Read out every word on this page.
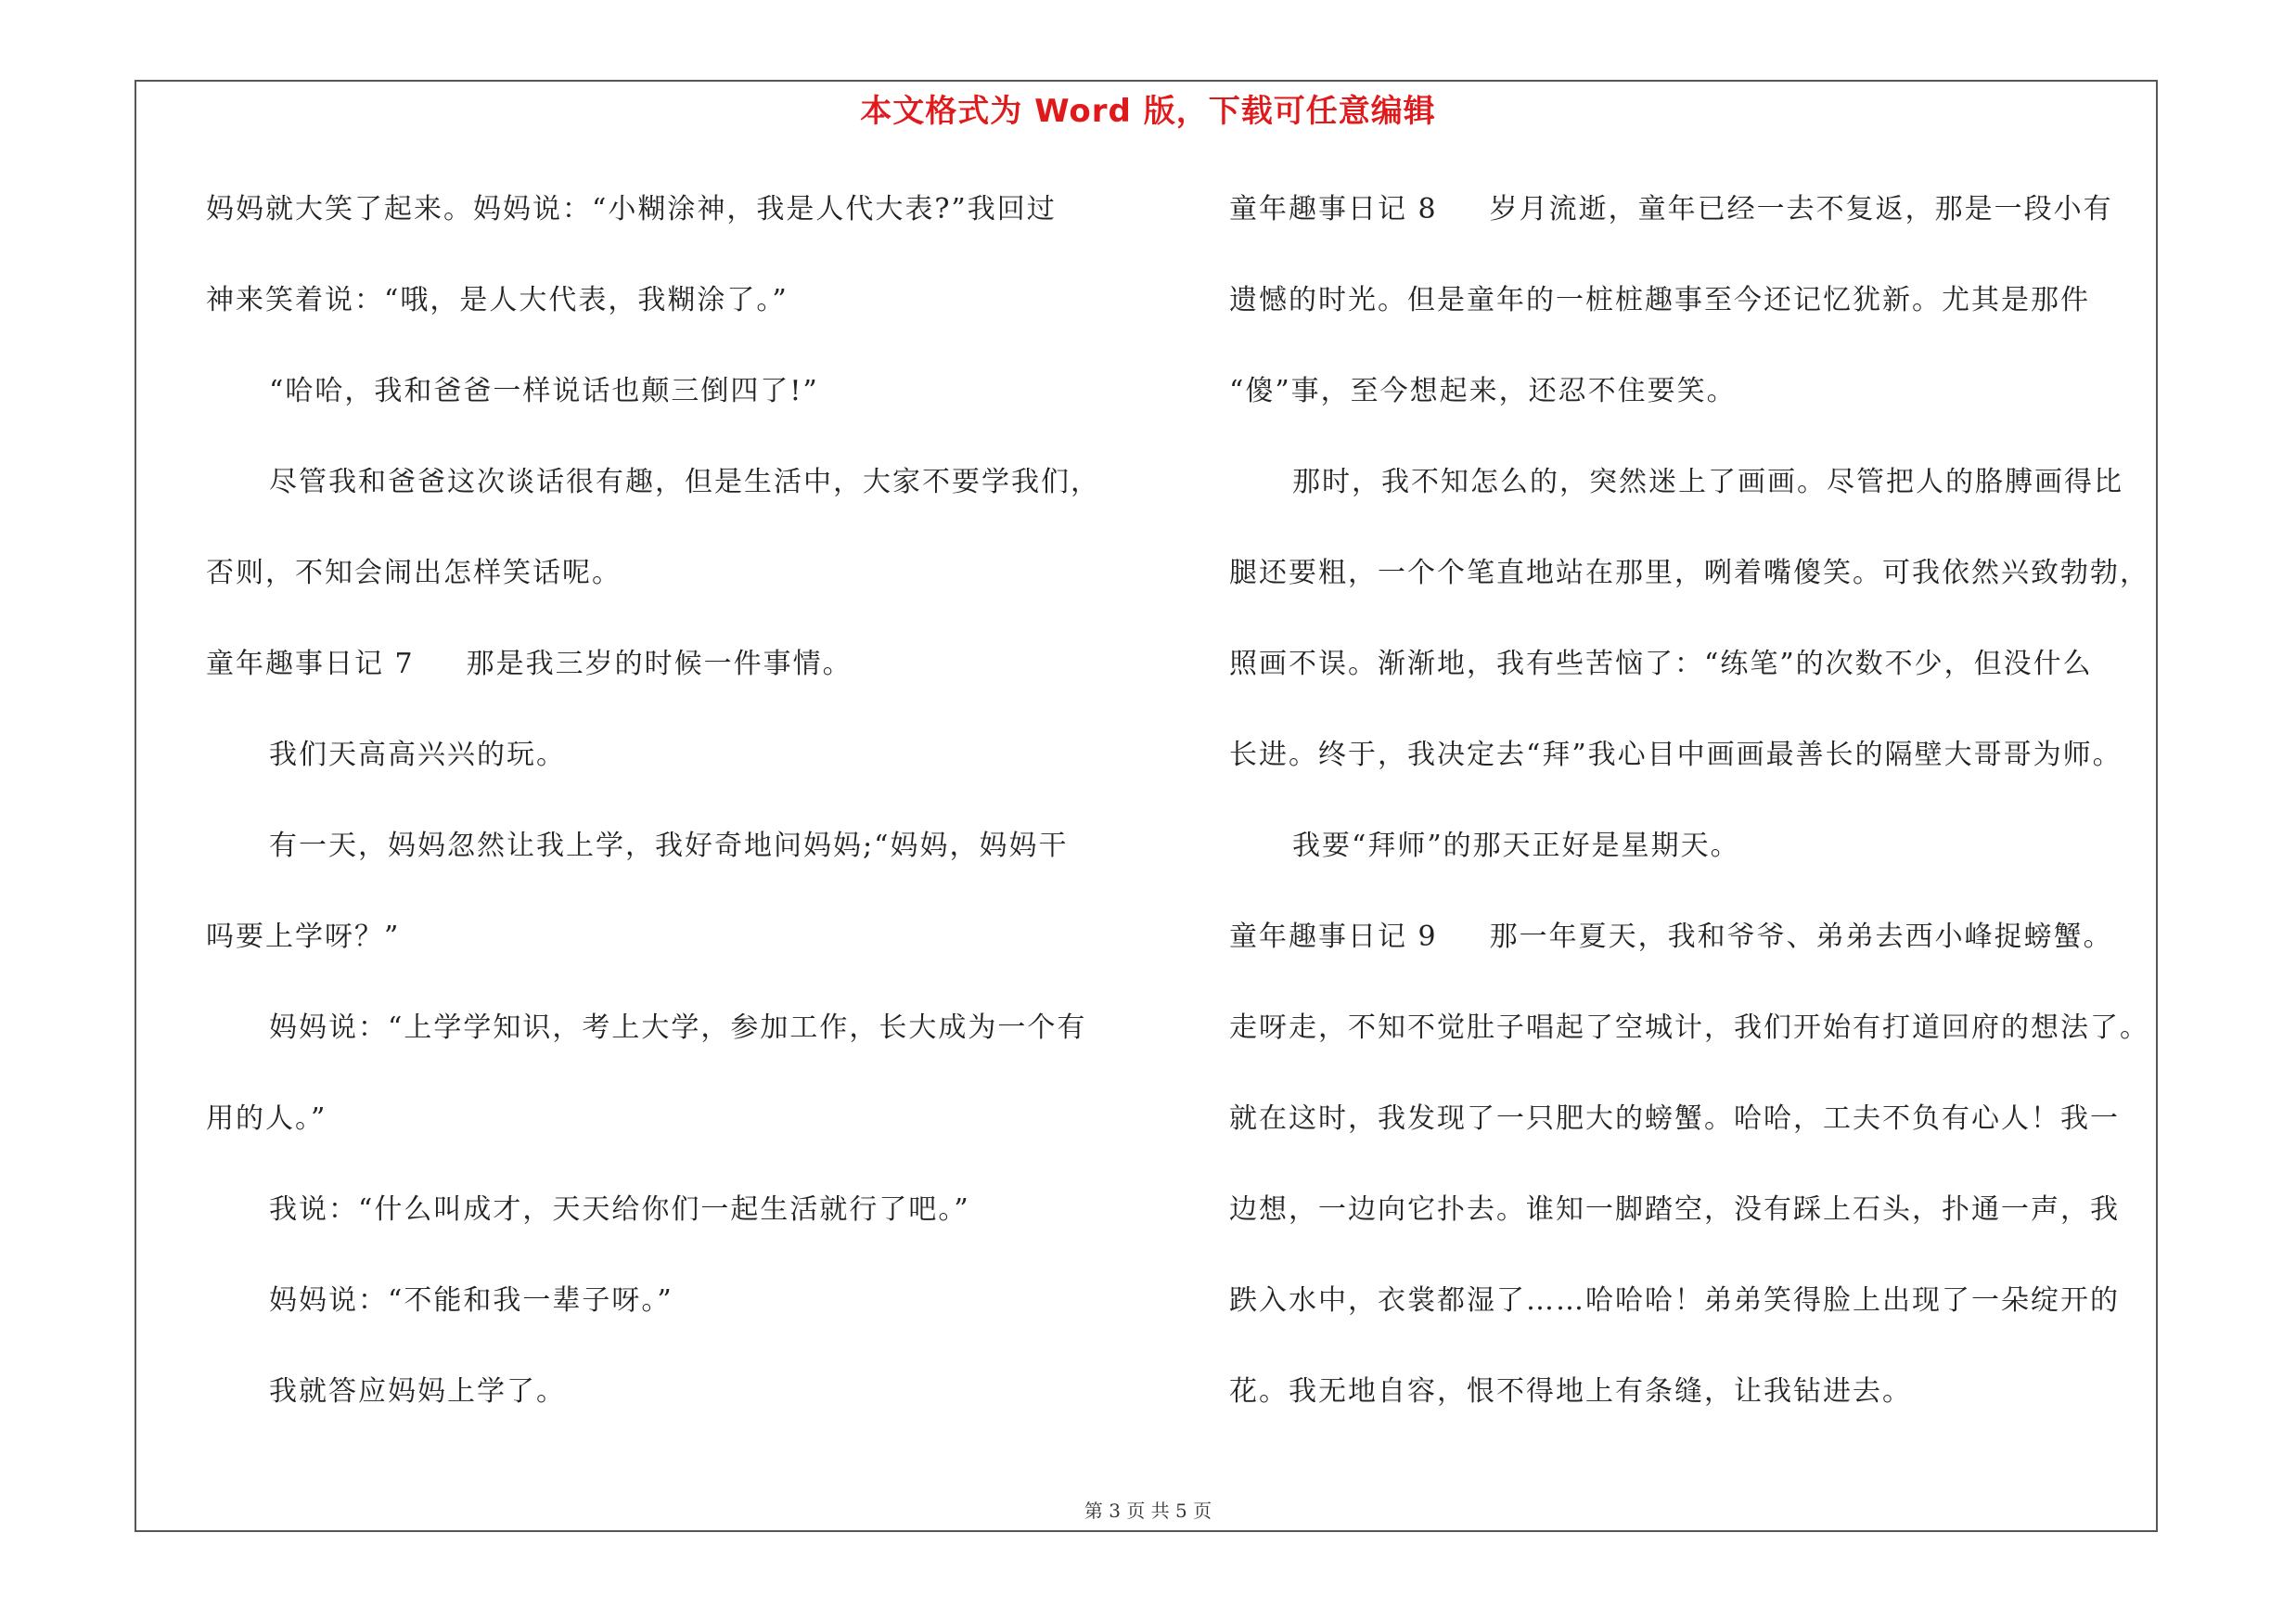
本文格式为 Word 版，下载可任意编辑
妈妈就大笑了起来。妈妈说：“小糊涂神，我是人代大表?”我回过
神来笑着说：“哦，是人大代表，我糊涂了。”
“哈哈，我和爸爸一样说话也颠三倒四了!”
尽管我和爸爸这次谈话很有趣，但是生活中，大家不要学我们，
否则，不知会闹出怎样笑话呢。
童年趣事日记 7 那是我三岁的时候一件事情。
我们天高高兴兴的玩。
有一天，妈妈忽然让我上学，我好奇地问妈妈;“妈妈，妈妈干
吗要上学呀？”
妈妈说：“上学学知识，考上大学，参加工作，长大成为一个有
用的人。”
我说：“什么叫成才，天天给你们一起生活就行了吧。”
妈妈说：“不能和我一辈子呀。”
我就答应妈妈上学了。
童年趣事日记 8 岁月流逝，童年已经一去不复返，那是一段小有
遗憾的时光。但是童年的一桩桩趣事至今还记忆犹新。尤其是那件
“傻”事，至今想起来，还忍不住要笑。
那时，我不知怎么的，突然迷上了画画。尽管把人的胳膊画得比
腿还要粗，一个个笔直地站在那里，咧着嘴傻笑。可我依然兴致勃勃，
照画不误。渐渐地，我有些苦恼了：“练笔”的次数不少，但没什么
长进。终于，我决定去“拜”我心目中画画最善长的隔壁大哥哥为师。
我要“拜师”的那天正好是星期天。
童年趣事日记 9 那一年夏天，我和爷爷、弟弟去西小峰捉螃蟹。
走呀走，不知不觉肚子唱起了空城计，我们开始有打道回府的想法了。
就在这时，我发现了一只肥大的螃蟹。哈哈，工夫不负有心人！我一
边想，一边向它扑去。谁知一脚踏空，没有踩上石头，扑通一声，我
跌入水中，衣裳都湿了……哈哈哈！弟弟笑得脸上出现了一朵绽开的
花。我无地自容，恨不得地上有条缝，让我钻进去。
第 3 页 共 5 页
